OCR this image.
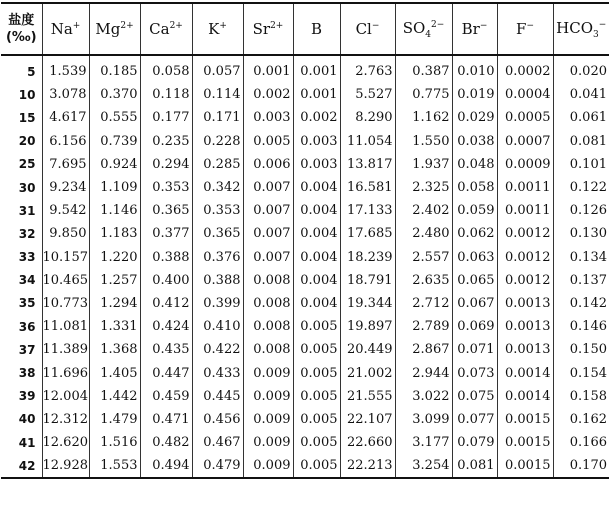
盐度
(‰)	Na+	$Mg^{2+}$	$Ca^{2+}$	K+	$Sr^{2+}$	B	Cl−	$SO_4^{2-}$	Br−	F−	$HCO_3^-$
5	1.539	0.185	0.058	0.057	0.001	0.001	2.763	0.387	0.010	0.0002	0.020
10	3.078	0.370	0.118	0.114	0.002	0.001	5.527	0.775	0.019	0.0004	0.041
15	4.617	0.555	0.177	0.171	0.003	0.002	8.290	1.162	0.029	0.0005	0.061
20	6.156	0.739	0.235	0.228	0.005	0.003	11.054	1.550	0.038	0.0007	0.081
25	7.695	0.924	0.294	0.285	0.006	0.003	13.817	1.937	0.048	0.0009	0.101
30	9.234	1.109	0.353	0.342	0.007	0.004	16.581	2.325	0.058	0.0011	0.122
31	9.542	1.146	0.365	0.353	0.007	0.004	17.133	2.402	0.059	0.0011	0.126
32	9.850	1.183	0.377	0.365	0.007	0.004	17.685	2.480	0.062	0.0012	0.130
33	10.157	1.220	0.388	0.376	0.007	0.004	18.239	2.557	0.063	0.0012	0.134
34	10.465	1.257	0.400	0.388	0.008	0.004	18.791	2.635	0.065	0.0012	0.137
35	10.773	1.294	0.412	0.399	0.008	0.004	19.344	2.712	0.067	0.0013	0.142
36	11.081	1.331	0.424	0.410	0.008	0.005	19.897	2.789	0.069	0.0013	0.146
37	11.389	1.368	0.435	0.422	0.008	0.005	20.449	2.867	0.071	0.0013	0.150
38	11.696	1.405	0.447	0.433	0.009	0.005	21.002	2.944	0.073	0.0014	0.154
39	12.004	1.442	0.459	0.445	0.009	0.005	21.555	3.022	0.075	0.0014	0.158
40	12.312	1.479	0.471	0.456	0.009	0.005	22.107	3.099	0.077	0.0015	0.162
41	12.620	1.516	0.482	0.467	0.009	0.005	22.660	3.177	0.079	0.0015	0.166
42	12.928	1.553	0.494	0.479	0.009	0.005	22.213	3.254	0.081	0.0015	0.170
